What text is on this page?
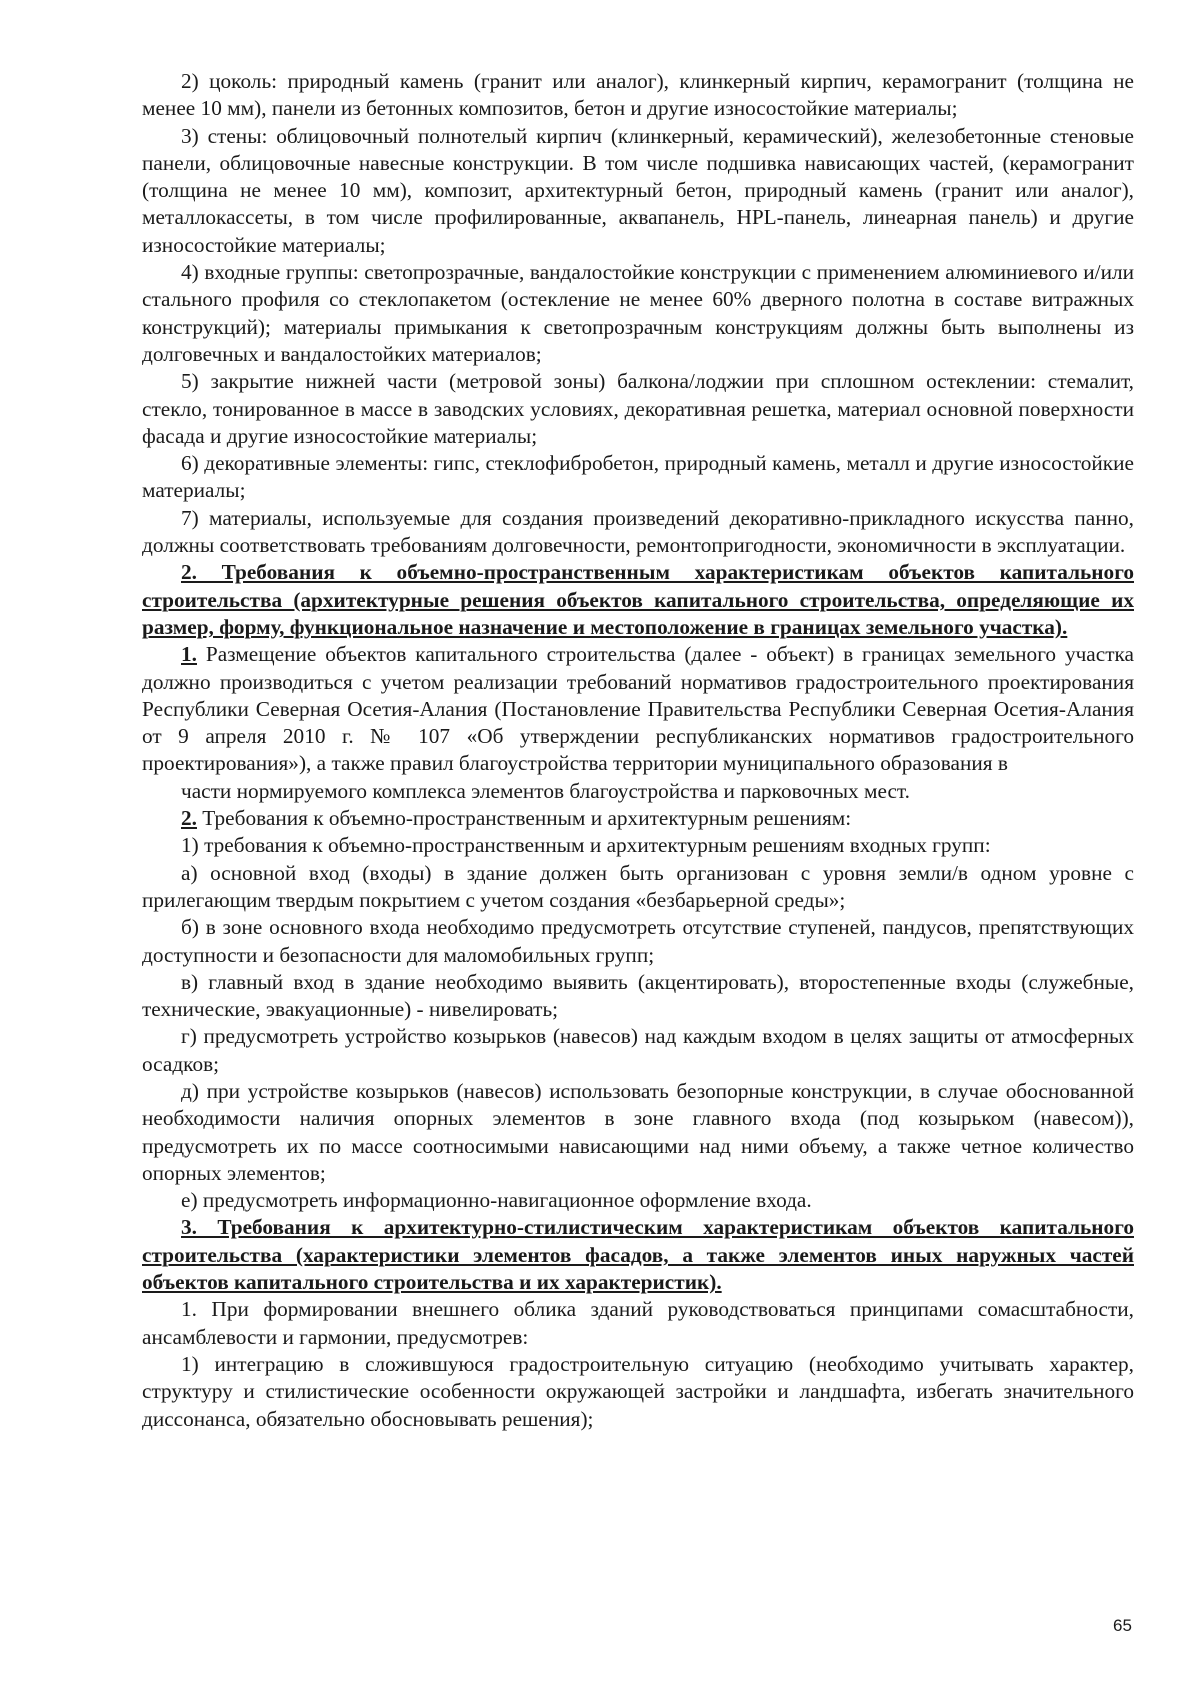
2) цоколь: природный камень (гранит или аналог), клинкерный кирпич, керамогранит (толщина не менее 10 мм), панели из бетонных композитов, бетон и другие износостойкие материалы;

3) стены: облицовочный полнотелый кирпич (клинкерный, керамический), железобетонные стеновые панели, облицовочные навесные конструкции. В том числе подшивка нависающих частей, (керамогранит (толщина не менее 10 мм), композит, архитектурный бетон, природный камень (гранит или аналог), металлокассеты, в том числе профилированные, аквапанель, HPL-панель, линеарная панель) и другие износостойкие материалы;

4) входные группы: светопрозрачные, вандалостойкие конструкции с применением алюминиевого и/или стального профиля со стеклопакетом (остекление не менее 60% дверного полотна в составе витражных конструкций); материалы примыкания к светопрозрачным конструкциям должны быть выполнены из долговечных и вандалостойких материалов;

5) закрытие нижней части (метровой зоны) балкона/лоджии при сплошном остеклении: стемалит, стекло, тонированное в массе в заводских условиях, декоративная решетка, материал основной поверхности фасада и другие износостойкие материалы;

6) декоративные элементы: гипс, стеклофибробетон, природный камень, металл и другие износостойкие материалы;

7) материалы, используемые для создания произведений декоративно-прикладного искусства панно, должны соответствовать требованиям долговечности, ремонтопригодности, экономичности в эксплуатации.

2. Требования к объемно-пространственным характеристикам объектов капитального строительства (архитектурные решения объектов капитального строительства, определяющие их размер, форму, функциональное назначение и местоположение в границах земельного участка).

1. Размещение объектов капитального строительства (далее - объект) в границах земельного участка должно производиться с учетом реализации требований нормативов градостроительного проектирования Республики Северная Осетия-Алания (Постановление Правительства Республики Северная Осетия-Алания от 9 апреля 2010 г. № 107 «Об утверждении республиканских нормативов градостроительного проектирования»), а также правил благоустройства территории муниципального образования в

части нормируемого комплекса элементов благоустройства и парковочных мест.

2. Требования к объемно-пространственным и архитектурным решениям:

1) требования к объемно-пространственным и архитектурным решениям входных групп:

а) основной вход (входы) в здание должен быть организован с уровня земли/в одном уровне с прилегающим твердым покрытием с учетом создания «безбарьерной среды»;

б) в зоне основного входа необходимо предусмотреть отсутствие ступеней, пандусов, препятствующих доступности и безопасности для маломобильных групп;

в) главный вход в здание необходимо выявить (акцентировать), второстепенные входы (служебные, технические, эвакуационные) - нивелировать;

г) предусмотреть устройство козырьков (навесов) над каждым входом в целях защиты от атмосферных осадков;

д) при устройстве козырьков (навесов) использовать безопорные конструкции, в случае обоснованной необходимости наличия опорных элементов в зоне главного входа (под козырьком (навесом)), предусмотреть их по массе соотносимыми нависающими над ними объему, а также четное количество опорных элементов;

е) предусмотреть информационно-навигационное оформление входа.

3. Требования к архитектурно-стилистическим характеристикам объектов капитального строительства (характеристики элементов фасадов, а также элементов иных наружных частей объектов капитального строительства и их характеристик).

1. При формировании внешнего облика зданий руководствоваться принципами сомасштабности, ансамблевости и гармонии, предусмотрев:

1) интеграцию в сложившуюся градостроительную ситуацию (необходимо учитывать характер, структуру и стилистические особенности окружающей застройки и ландшафта, избегать значительного диссонанса, обязательно обосновывать решения);

65
